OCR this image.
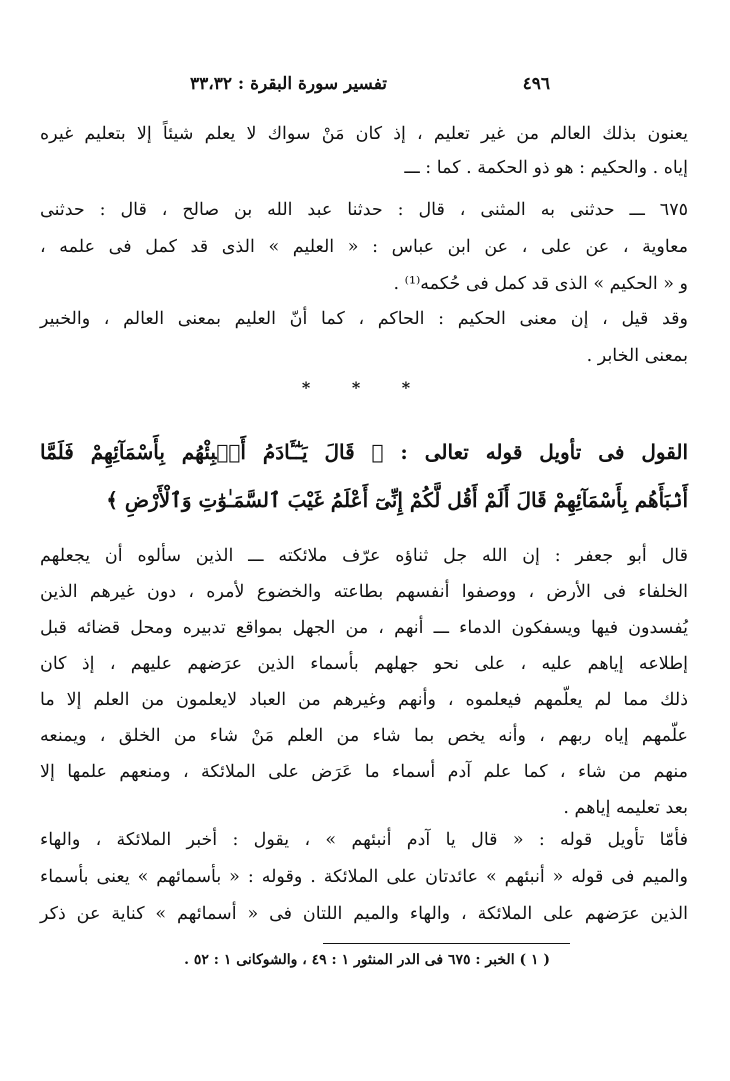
٤٩٦
تفسير سورة البقرة : ٣٣،٣٢
يعنون بذلك العالم من غير تعليم ، إذ كان مَنْ سواك لا يعلم شيئاً إلا بتعليم غيره
إياه . والحكيم : هو ذو الحكمة . كما : ـــ
٦٧٥ ـــ حدثنى به المثنى ، قال : حدثنا عبد الله بن صالح ، قال : حدثنى
معاوية ، عن على ، عن ابن عباس : « العليم » الذى قد كمل فى علمه ،
و « الحكيم » الذى قد كمل فى حُكمه⁽¹⁾ .
وقد قيل ، إن معنى الحكيم : الحاكم ، كما أنّ العليم بمعنى العالم ، والخبير
بمعنى الخابر .
* * *
القول فى تأويل قوله تعالى : ﴿ قَالَ يَـٰٓـَٔادَمُ أَنۢبِئْهُم بِأَسْمَآئِهِمْ فَلَمَّا
أَنۢبَأَهُم بِأَسْمَآئِهِمْ قَالَ أَلَمْ أَقُل لَّكُمْ إِنِّىٓ أَعْلَمُ غَيْبَ ٱلسَّمَـٰوَٰتِ وَٱلْأَرْضِ ﴾
قال أبو جعفر : إن الله جل ثناؤه عرّف ملائكته ـــ الذين سألوه أن يجعلهم
الخلفاء فى الأرض ، ووصفوا أنفسهم بطاعته والخضوع لأمره ، دون غيرهم الذين
يُفسدون فيها ويسفكون الدماء ـــ أنهم ، من الجهل بمواقع تدبيره ومحل قضائه قبل
إطلاعه إياهم عليه ، على نحو جهلهم بأسماء الذين عرَضهم عليهم ، إذ كان
ذلك مما لم يعلّمهم فيعلموه ، وأنهم وغيرهم من العباد لايعلمون من العلم إلا ما
علّمهم إياه ربهم ، وأنه يخص بما شاء من العلم مَنْ شاء من الخلق ، ويمنعه
منهم من شاء ، كما علم آدم أسماء ما عَرَض على الملائكة ، ومنعهم علمها إلا
بعد تعليمه إياهم .
فأمّا تأويل قوله : « قال يا آدم أنبئهم » ، يقول : أخبر الملائكة ، والهاء
والميم فى قوله « أنبئهم » عائدتان على الملائكة . وقوله : « بأسمائهم » يعنى بأسماء
الذين عرَضهم على الملائكة ، والهاء والميم اللتان فى « أسمائهم » كناية عن ذكر
( ١ ) الخبر : ٦٧٥ فى الدر المنثور ١ : ٤٩ ، والشوكانى ١ : ٥٢ .
